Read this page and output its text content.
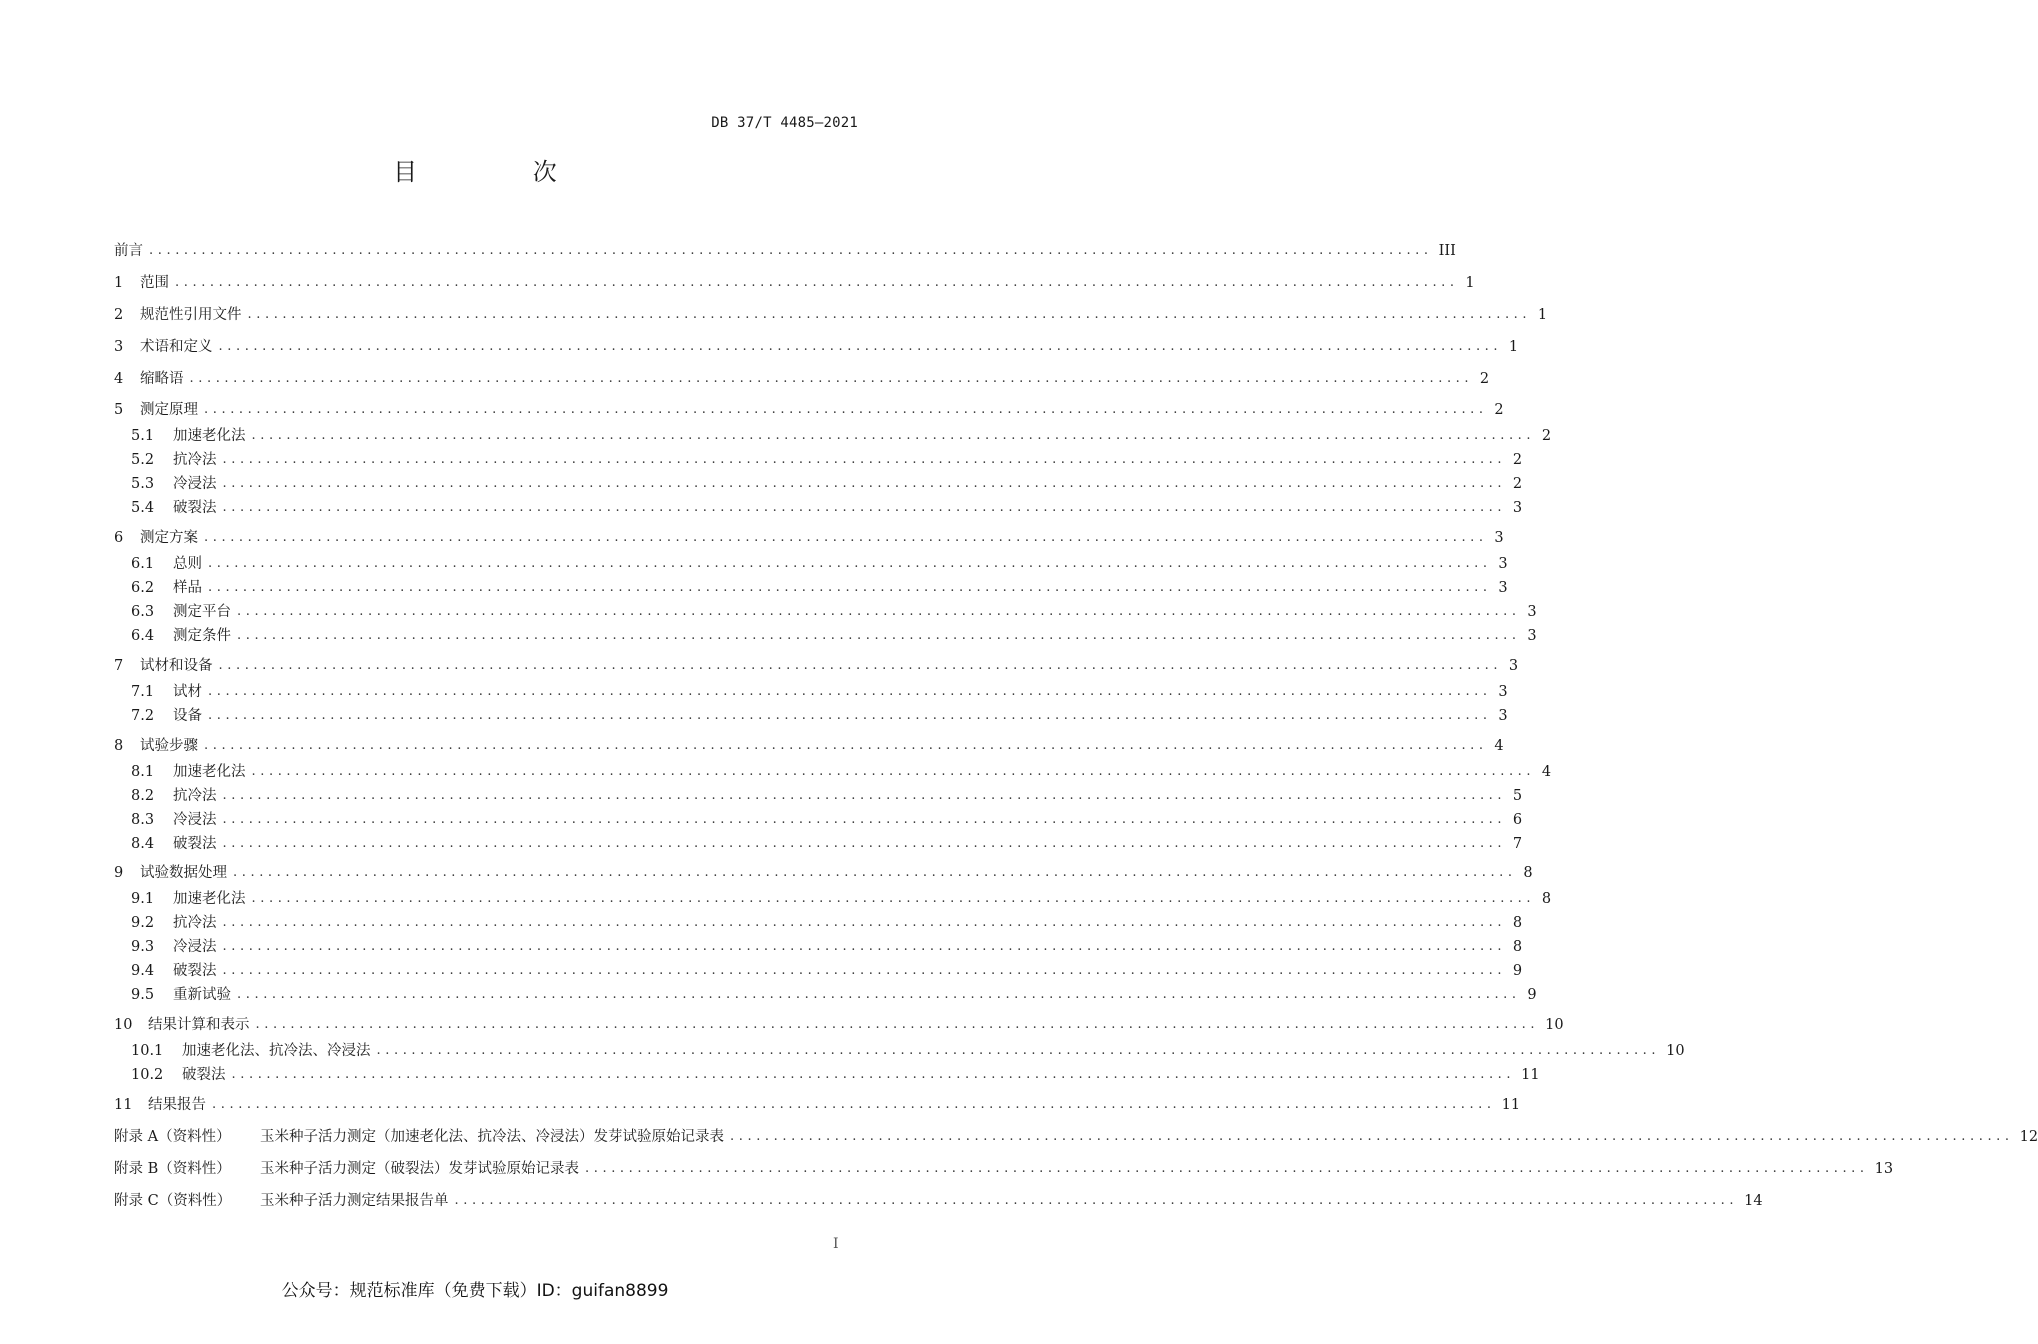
DB 37/T 4485—2021
目 次
前言 ................................................................................................................................................... III
1	范围 ................................................................................................................................................... 1
2	规范性引用文件 ................................................................................................................................................... 1
3	术语和定义 ................................................................................................................................................... 1
4	缩略语 ................................................................................................................................................... 2
5	测定原理 ................................................................................................................................................... 2
5.1	加速老化法 ................................................................................................................................................... 2
5.2	抗冷法 ................................................................................................................................................... 2
5.3	冷浸法 ................................................................................................................................................... 2
5.4	破裂法 ................................................................................................................................................... 3
6	测定方案 ................................................................................................................................................... 3
6.1	总则 ................................................................................................................................................... 3
6.2	样品 ................................................................................................................................................... 3
6.3	测定平台 ................................................................................................................................................... 3
6.4	测定条件 ................................................................................................................................................... 3
7	试材和设备 ................................................................................................................................................... 3
7.1	试材 ................................................................................................................................................... 3
7.2	设备 ................................................................................................................................................... 3
8	试验步骤 ................................................................................................................................................... 4
8.1	加速老化法 ................................................................................................................................................... 4
8.2	抗冷法 ................................................................................................................................................... 5
8.3	冷浸法 ................................................................................................................................................... 6
8.4	破裂法 ................................................................................................................................................... 7
9	试验数据处理 ................................................................................................................................................... 8
9.1	加速老化法 ................................................................................................................................................... 8
9.2	抗冷法 ................................................................................................................................................... 8
9.3	冷浸法 ................................................................................................................................................... 8
9.4	破裂法 ................................................................................................................................................... 9
9.5	重新试验 ................................................................................................................................................... 9
10	结果计算和表示 ................................................................................................................................................... 10
10.1	加速老化法、抗冷法、冷浸法 ................................................................................................................................................... 10
10.2	破裂法 ................................................................................................................................................... 11
11	结果报告 ................................................................................................................................................... 11
附录 A（资料性）	玉米种子活力测定（加速老化法、抗冷法、冷浸法）发芽试验原始记录表 ................................................................................................................................................... 12
附录 B（资料性）	玉米种子活力测定（破裂法）发芽试验原始记录表 ................................................................................................................................................... 13
附录 C（资料性）	玉米种子活力测定结果报告单 ................................................................................................................................................... 14
I
公众号：规范标准库（免费下载）ID：guifan8899
